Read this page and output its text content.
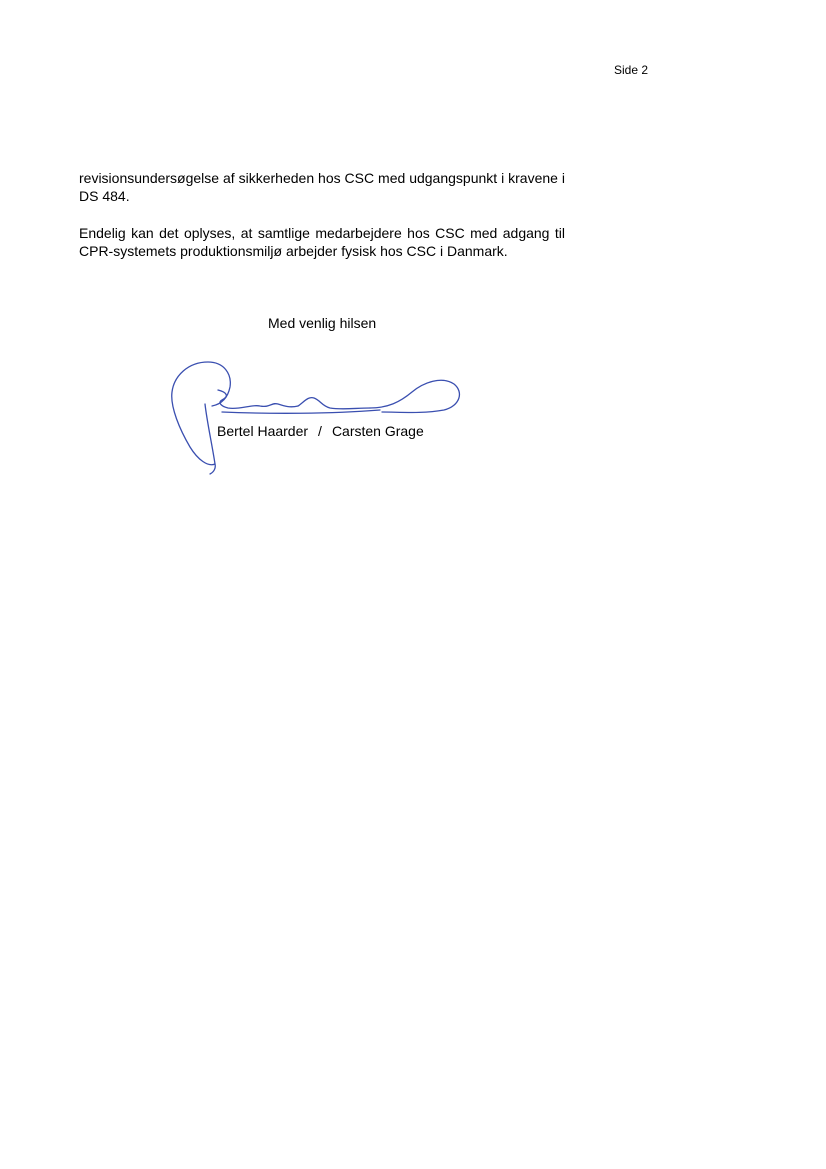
Side 2

revisionsundersøgelse af sikkerheden hos CSC med udgangspunkt i kravene i DS 484.

Endelig kan det oplyses, at samtlige medarbejdere hos CSC med adgang til CPR-systemets produktionsmiljø arbejder fysisk hos CSC i Danmark.

Med venlig hilsen
Bertel Haarder / Carsten Grage
